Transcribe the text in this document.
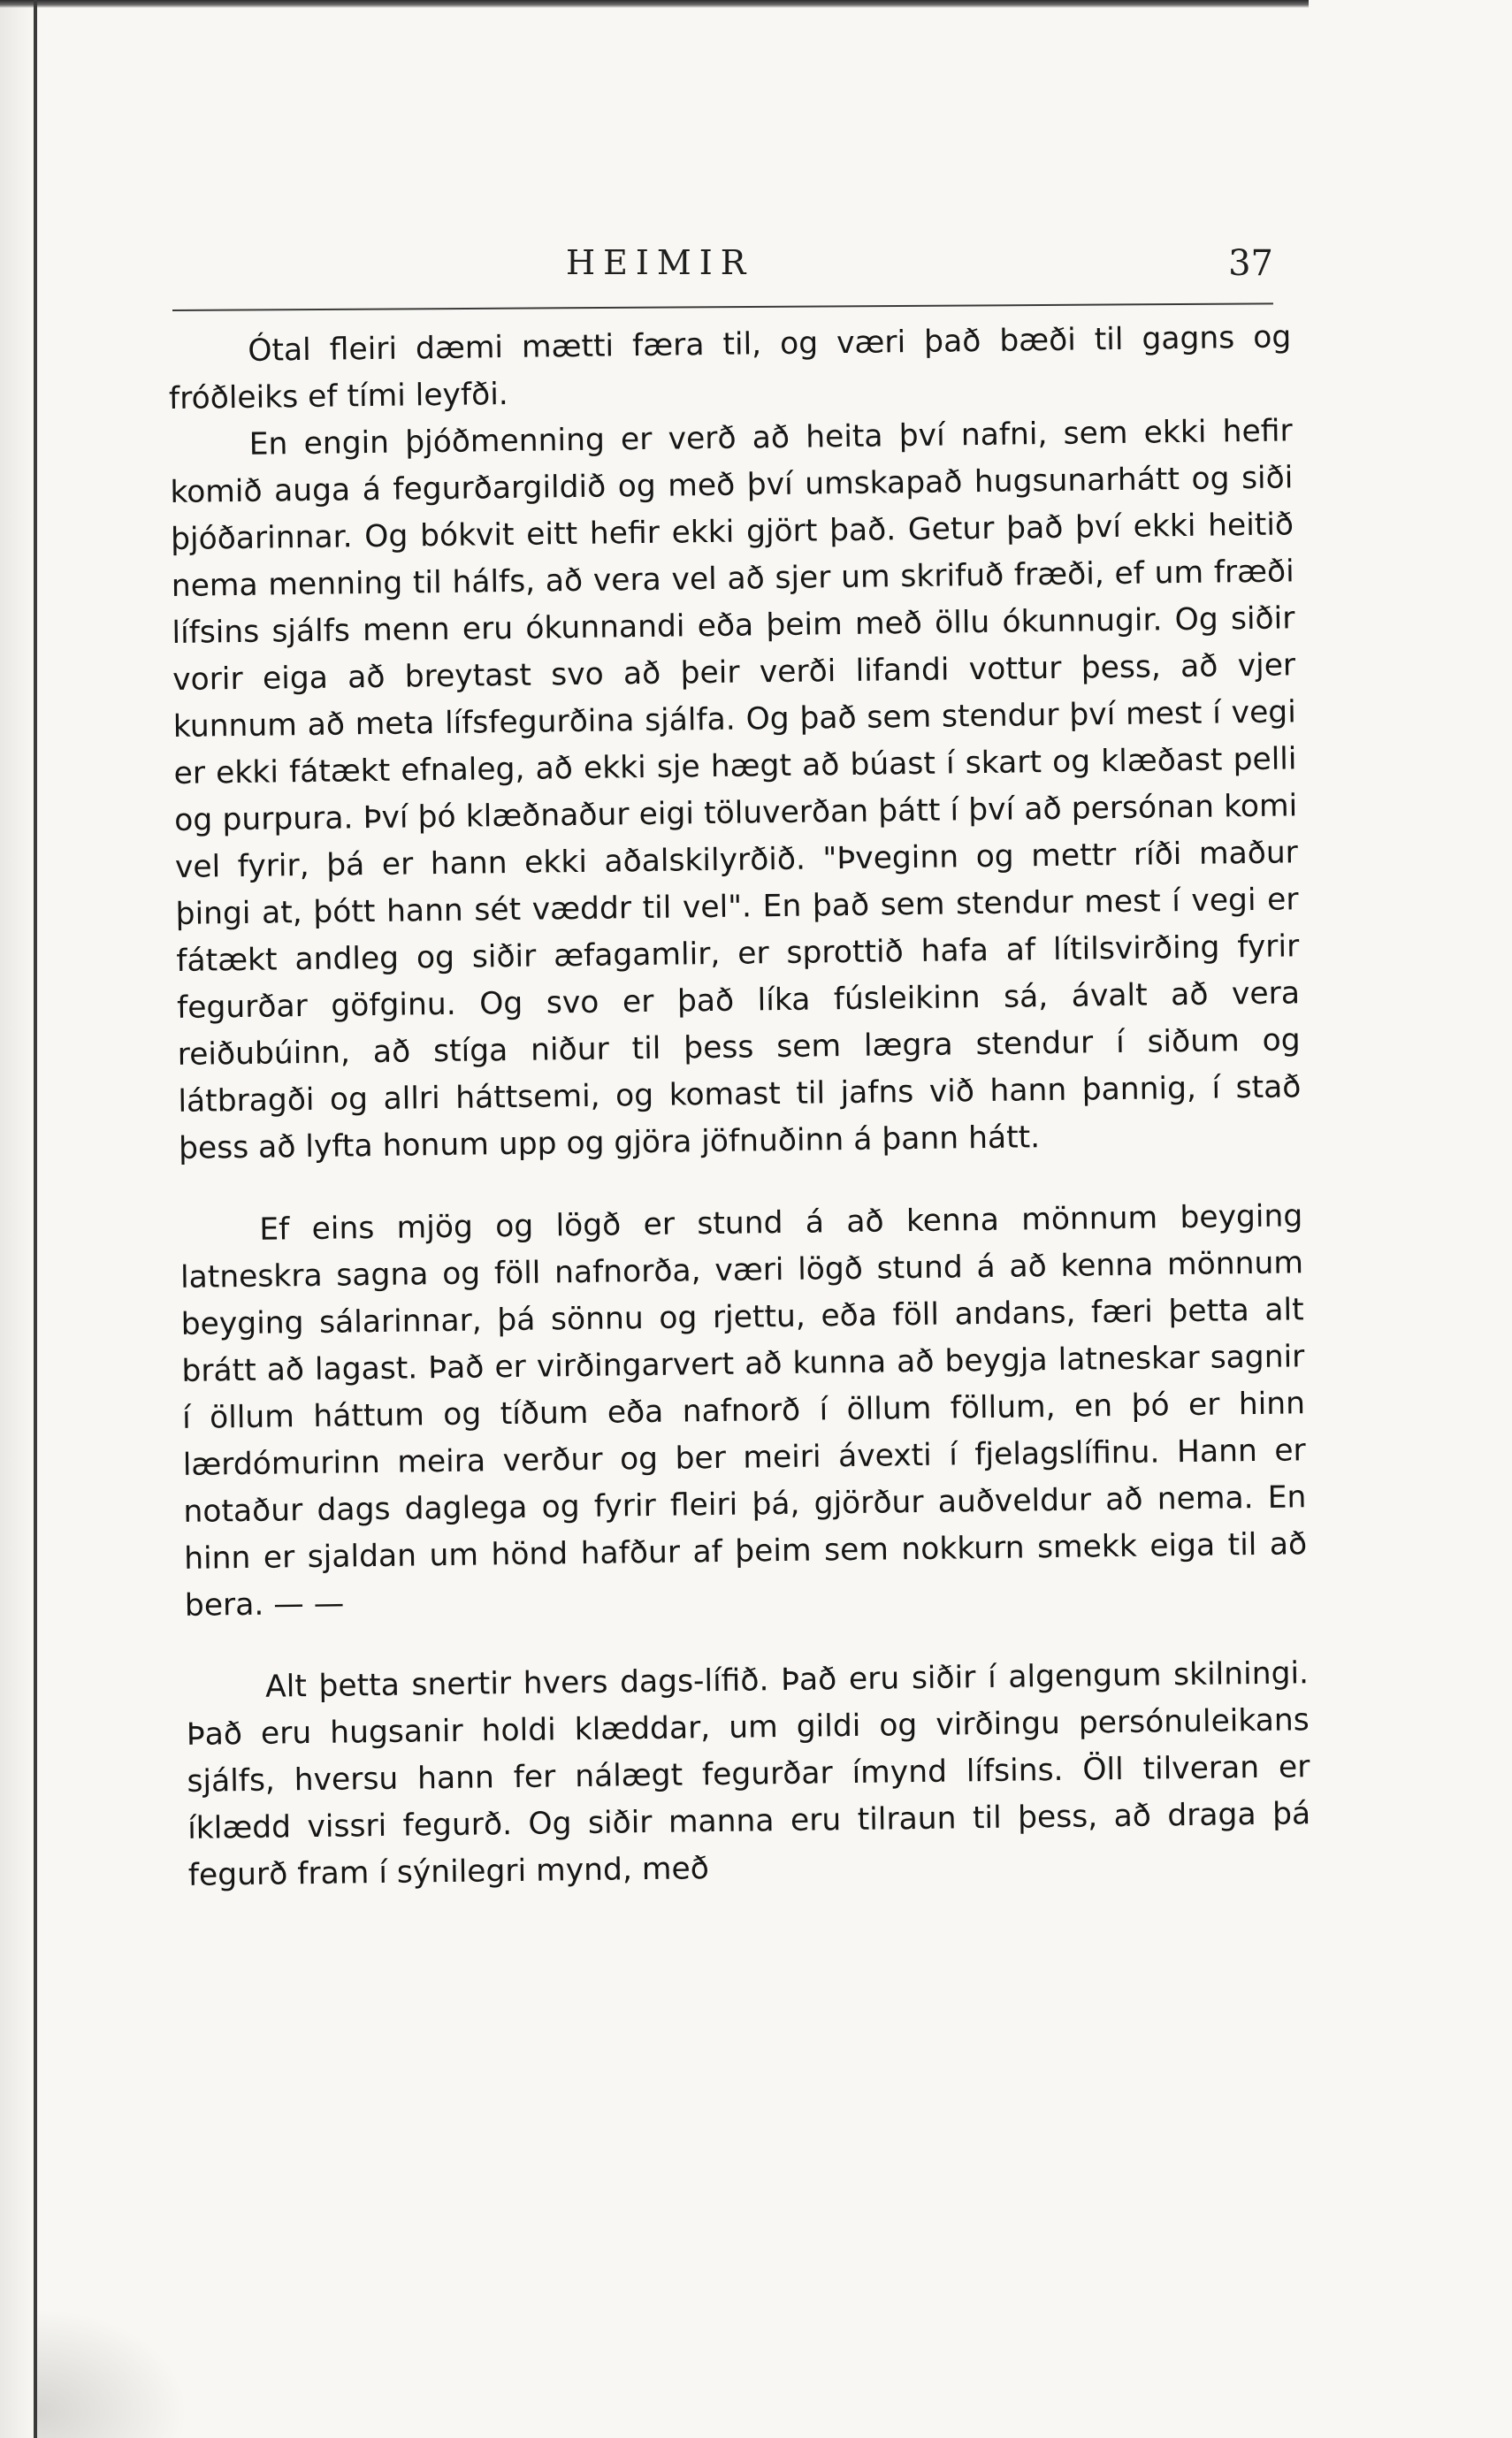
HEIMIR	37

Ótal fleiri dæmi mætti færa til, og væri það bæði til gagns og fróðleiks ef tími leyfði.

En engin þjóðmenning er verð að heita því nafni, sem ekki hefir komið auga á fegurðargildið og með því umskapað hugsunarhátt og siði þjóðarinnar. Og bókvit eitt hefir ekki gjört það. Getur það því ekki heitið nema menning til hálfs, að vera vel að sjer um skrifuð fræði, ef um fræði lífsins sjálfs menn eru ókunnandi eða þeim með öllu ókunnugir. Og siðir vorir eiga að breytast svo að þeir verði lifandi vottur þess, að vjer kunnum að meta lífsfegurðina sjálfa. Og það sem stendur því mest í vegi er ekki fátækt efnaleg, að ekki sje hægt að búast í skart og klæðast pelli og purpura. Því þó klæðnaður eigi töluverðan þátt í því að persónan komi vel fyrir, þá er hann ekki aðalskilyrðið. "Þveginn og mettr ríði maður þingi at, þótt hann sét væddr til vel". En það sem stendur mest í vegi er fátækt andleg og siðir æfagamlir, er sprottið hafa af lítilsvirðing fyrir fegurðar göfginu. Og svo er það líka fúsleikinn sá, ávalt að vera reiðubúinn, að stíga niður til þess sem lægra stendur í siðum og látbragði og allri háttsemi, og komast til jafns við hann þannig, í stað þess að lyfta honum upp og gjöra jöfnuðinn á þann hátt.

Ef eins mjög og lögð er stund á að kenna mönnum beyging latneskra sagna og föll nafnorða, væri lögð stund á að kenna mönnum beyging sálarinnar, þá sönnu og rjettu, eða föll andans, færi þetta alt brátt að lagast. Það er virðingarvert að kunna að beygja latneskar sagnir í öllum háttum og tíðum eða nafnorð í öllum föllum, en þó er hinn lærdómurinn meira verður og ber meiri ávexti í fjelagslífinu. Hann er notaður dags daglega og fyrir fleiri þá, gjörður auðveldur að nema. En hinn er sjaldan um hönd hafður af þeim sem nokkurn smekk eiga til að bera. — —

Alt þetta snertir hvers dags-lífið. Það eru siðir í algengum skilningi. Það eru hugsanir holdi klæddar, um gildi og virðingu persónuleikans sjálfs, hversu hann fer nálægt fegurðar ímynd lífsins. Öll tilveran er íklædd vissri fegurð. Og siðir manna eru tilraun til þess, að draga þá fegurð fram í sýnilegri mynd, með
